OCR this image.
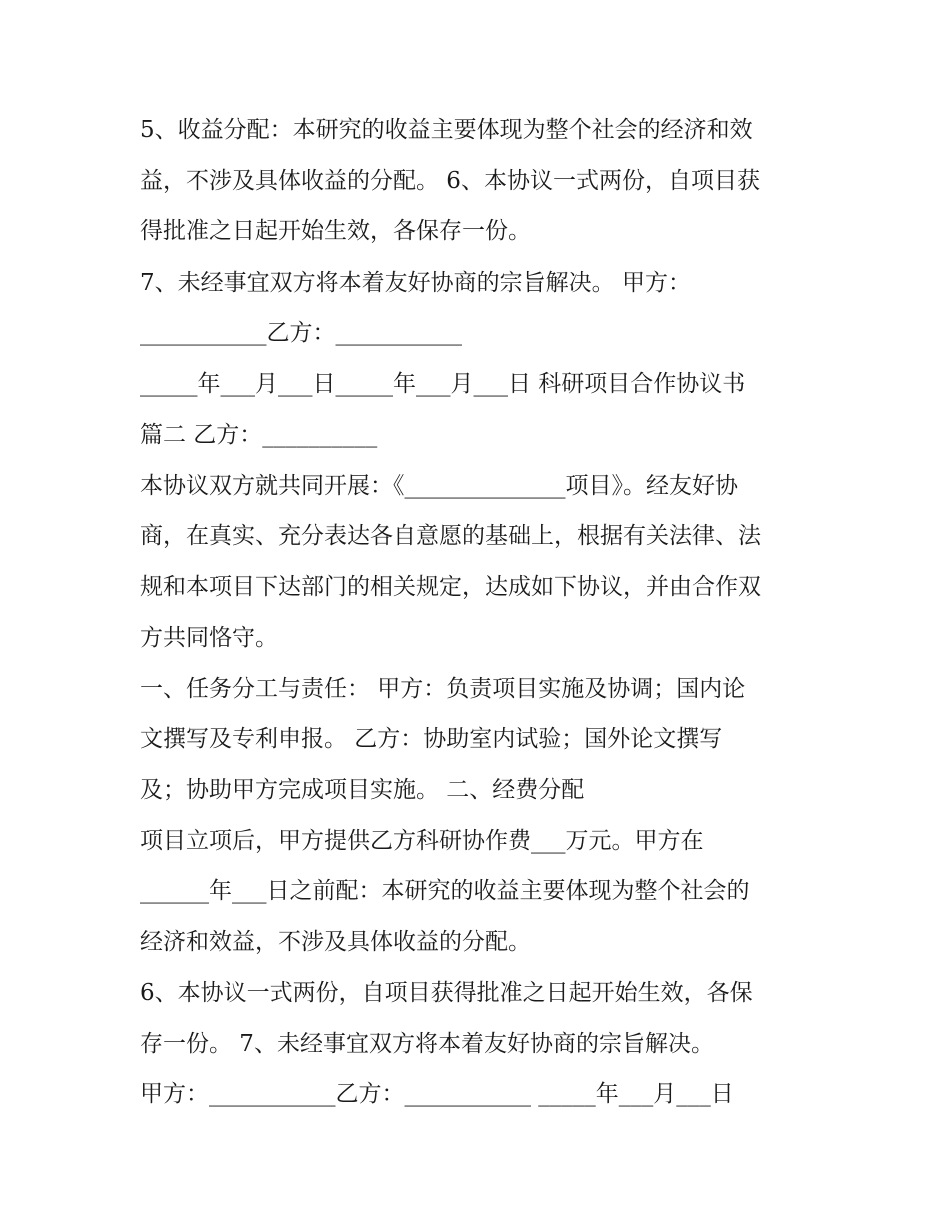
5、收益分配：本研究的收益主要体现为整个社会的经济和效
益，不涉及具体收益的分配。 6、本协议一式两份，自项目获
得批准之日起开始生效，各保存一份。
7、未经事宜双方将本着友好协商的宗旨解决。 甲方：
___________乙方：___________
_____年___月___日_____年___月___日 科研项目合作协议书
篇二 乙方：__________
本协议双方就共同开展：《______________项目》。经友好协
商，在真实、充分表达各自意愿的基础上，根据有关法律、法
规和本项目下达部门的相关规定，达成如下协议，并由合作双
方共同恪守。
一、任务分工与责任： 甲方：负责项目实施及协调；国内论
文撰写及专利申报。 乙方：协助室内试验；国外论文撰写
及；协助甲方完成项目实施。 二、经费分配
项目立项后，甲方提供乙方科研协作费___万元。甲方在
______年___日之前配：本研究的收益主要体现为整个社会的
经济和效益，不涉及具体收益的分配。
6、本协议一式两份，自项目获得批准之日起开始生效，各保
存一份。 7、未经事宜双方将本着友好协商的宗旨解决。
甲方：___________乙方：___________ _____年___月___日
